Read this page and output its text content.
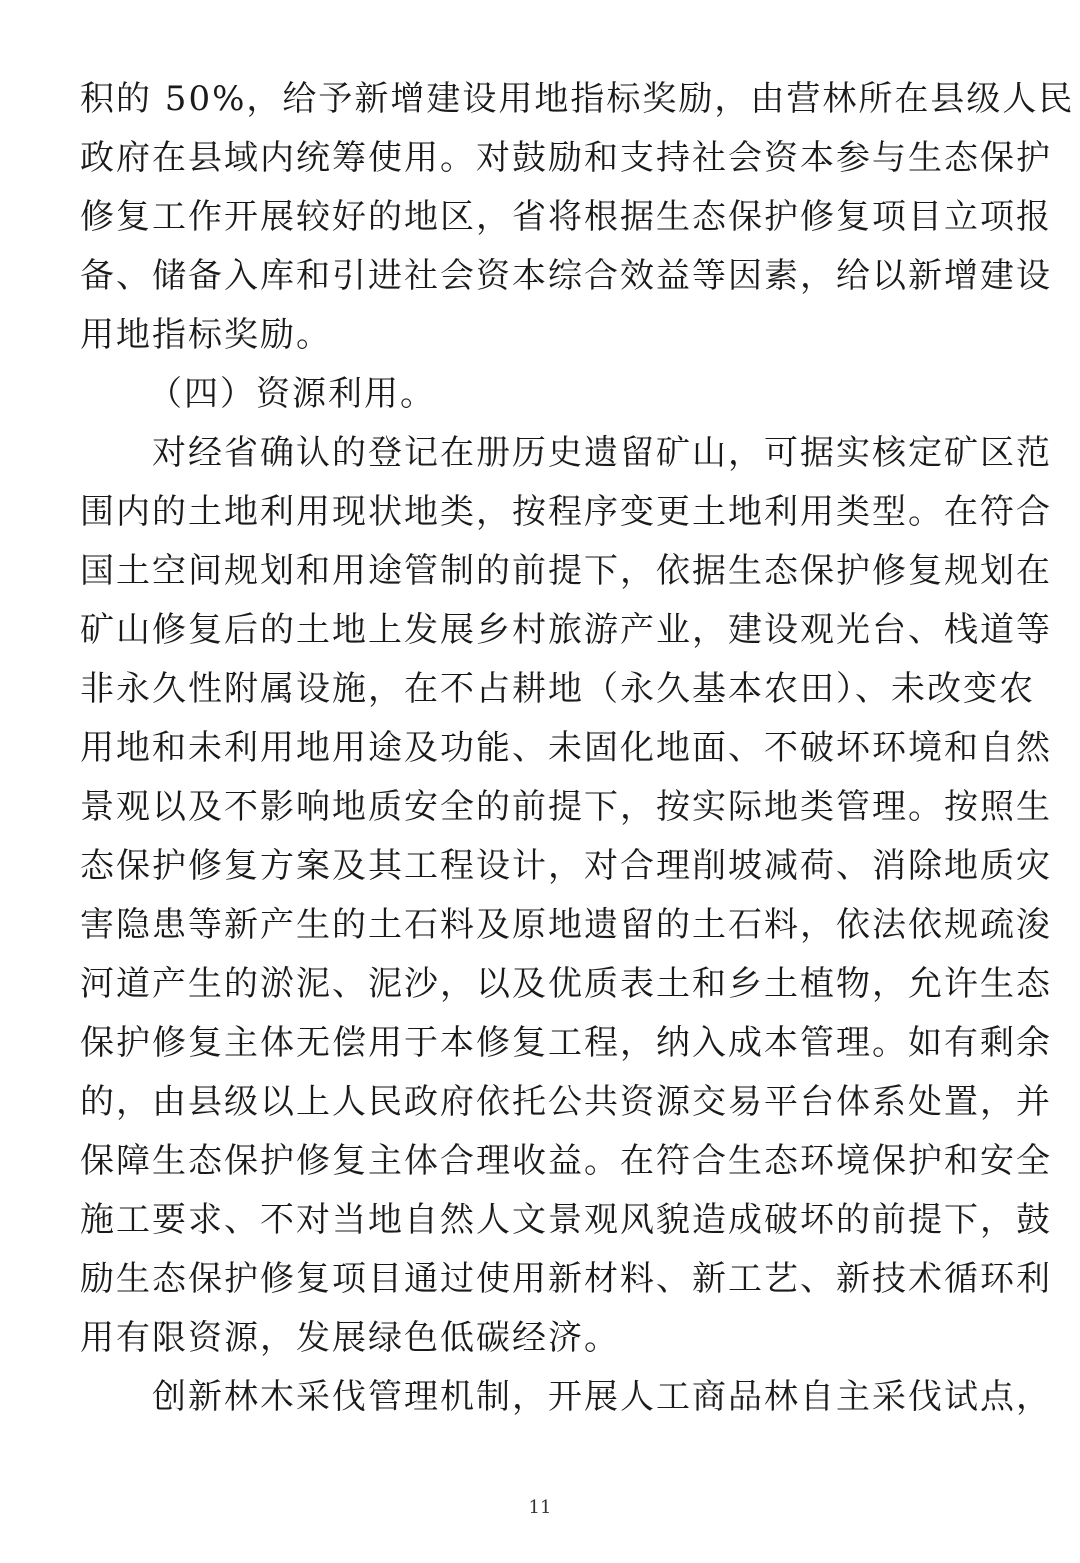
积的 50%，给予新增建设用地指标奖励，由营林所在县级人民
政府在县域内统筹使用。对鼓励和支持社会资本参与生态保护
修复工作开展较好的地区，省将根据生态保护修复项目立项报
备、储备入库和引进社会资本综合效益等因素，给以新增建设
用地指标奖励。
（四）资源利用。
对经省确认的登记在册历史遗留矿山，可据实核定矿区范
围内的土地利用现状地类，按程序变更土地利用类型。在符合
国土空间规划和用途管制的前提下，依据生态保护修复规划在
矿山修复后的土地上发展乡村旅游产业，建设观光台、栈道等
非永久性附属设施，在不占耕地（永久基本农田）、未改变农
用地和未利用地用途及功能、未固化地面、不破坏环境和自然
景观以及不影响地质安全的前提下，按实际地类管理。按照生
态保护修复方案及其工程设计，对合理削坡减荷、消除地质灾
害隐患等新产生的土石料及原地遗留的土石料，依法依规疏浚
河道产生的淤泥、泥沙，以及优质表土和乡土植物，允许生态
保护修复主体无偿用于本修复工程，纳入成本管理。如有剩余
的，由县级以上人民政府依托公共资源交易平台体系处置，并
保障生态保护修复主体合理收益。在符合生态环境保护和安全
施工要求、不对当地自然人文景观风貌造成破坏的前提下，鼓
励生态保护修复项目通过使用新材料、新工艺、新技术循环利
用有限资源，发展绿色低碳经济。
创新林木采伐管理机制，开展人工商品林自主采伐试点，
11
